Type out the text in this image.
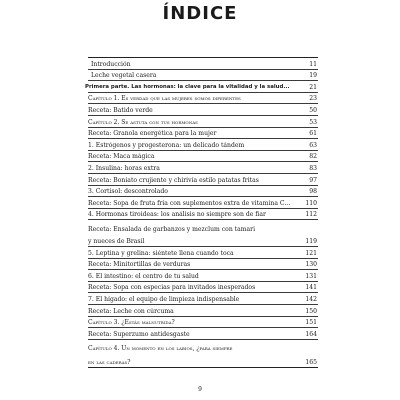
ÍNDICE
Introducción	11
Leche vegetal casera	19
Primera parte. Las hormonas: la clave para la vitalidad y la salud...	21
Capítulo 1. Es verdad que las mujeres somos diferentes	23
Receta: Batido verde	50
Capítulo 2. Se astuta con tus hormonas	53
Receta: Granola energética para la mujer	61
1. Estrógenos y progesterona: un delicado tándem	63
Receta: Maca mágica	82
2. Insulina: horas extra	83
Receta: Boniato crujiente y chirivía estilo patatas fritas	97
3. Cortisol: descontrolado	98
Receta: Sopa de fruta fría con suplementos extra de vitamina C...	110
4. Hormonas tiroideas: los análisis no siempre son de fiar	112
Receta: Ensalada de garbanzos y mezclum con tamari
y nueces de Brasil	119
5. Leptina y grelina: siéntete llena cuando toca	121
Receta: Minitortillas de verduras	130
6. El intestino: el centro de tu salud	131
Receta: Sopa con especias para invitados inesperados	141
7. El hígado: el equipo de limpieza indispensable	142
Receta: Leche con cúrcuma	150
Capítulo 3. ¿Estás malnutrida?	151
Receta: Superzumo antidesgaste	164
Capítulo 4. Un momento en los labios, ¿para siempre
en las caderas?	165
9
